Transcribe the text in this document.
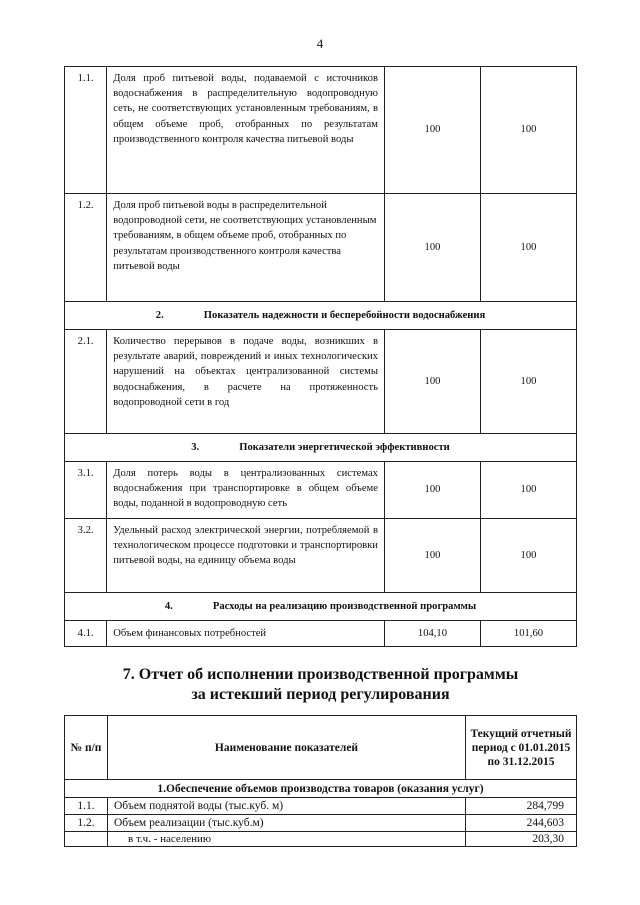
4
1.1.	Доля проб питьевой воды, подаваемой с источников водоснабжения в распределительную водопроводную сеть, не соответствующих установленным требованиям, в общем объеме проб, отобранных по результатам производственного контроля качества питьевой воды	100	100
1.2.	Доля проб питьевой воды в распределительной водопроводной сети, не соответствующих установленным требованиям, в общем объеме проб, отобранных по результатам производственного контроля качества питьевой воды	100	100
2. Показатель надежности и бесперебойности водоснабжения			
2.1.	Количество перерывов в подаче воды, возникших в результате аварий, повреждений и иных технологических нарушений на объектах централизованной системы водоснабжения, в расчете на протяженность водопроводной сети в год	100	100
3. Показатели энергетической эффективности			
3.1.	Доля потерь воды в централизованных системах водоснабжения при транспортировке в общем объеме воды, поданной в водопроводную сеть	100	100
3.2.	Удельный расход электрической энергии, потребляемой в технологическом процессе подготовки и транспортировки питьевой воды, на единицу объема воды	100	100
4. Расходы на реализацию производственной программы			
4.1.	Объем финансовых потребностей	104,10	101,60
7. Отчет об исполнении производственной программы
за истекший период регулирования
№ п/п	Наименование показателей	Текущий отчетный период с 01.01.2015 по 31.12.2015
1.Обеспечение объемов производства товаров (оказания услуг)		
1.1.	Объем поднятой воды (тыс.куб. м)	284,799
1.2.	Объем реализации (тыс.куб.м)	244,603
	в т.ч. - населению	203,30
